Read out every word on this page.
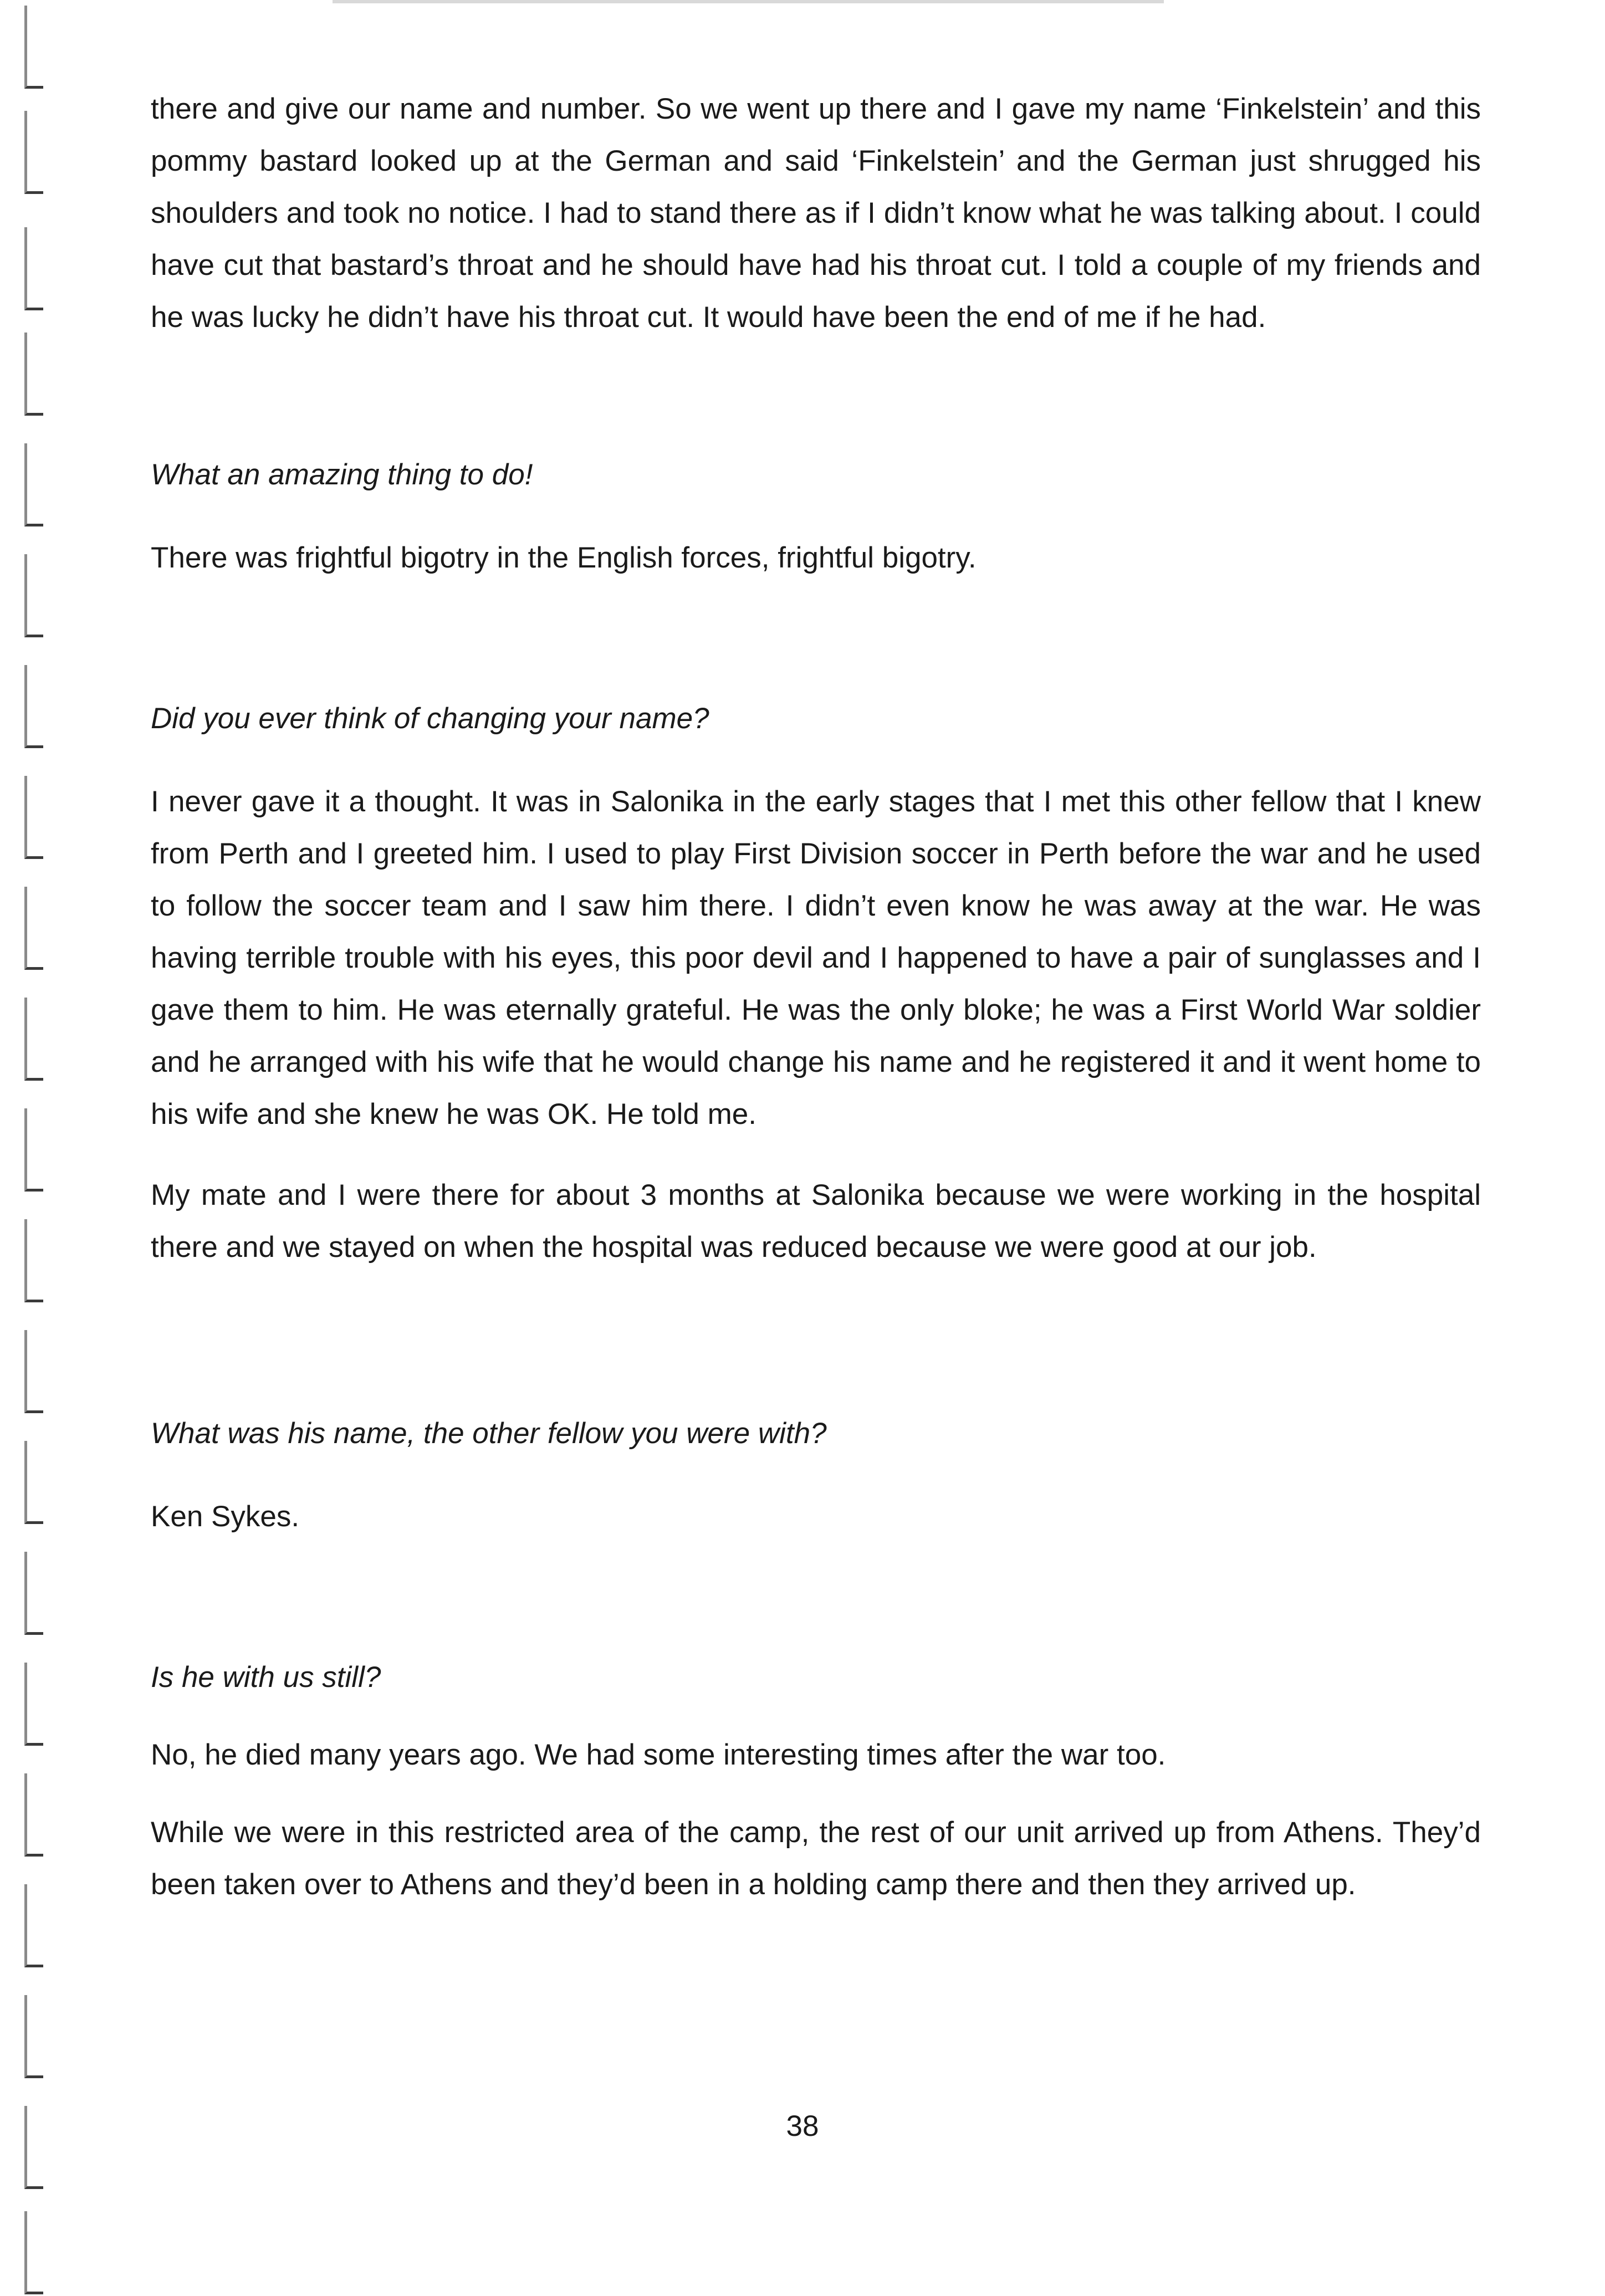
there and give our name and number. So we went up there and I gave my name ‘Finkelstein’ and this pommy bastard looked up at the German and said ‘Finkelstein’ and the German just shrugged his shoulders and took no notice. I had to stand there as if I didn’t know what he was talking about. I could have cut that bastard’s throat and he should have had his throat cut. I told a couple of my friends and he was lucky he didn’t have his throat cut. It would have been the end of me if he had.

What an amazing thing to do!

There was frightful bigotry in the English forces, frightful bigotry.

Did you ever think of changing your name?

I never gave it a thought. It was in Salonika in the early stages that I met this other fellow that I knew from Perth and I greeted him. I used to play First Division soccer in Perth before the war and he used to follow the soccer team and I saw him there. I didn’t even know he was away at the war. He was having terrible trouble with his eyes, this poor devil and I happened to have a pair of sunglasses and I gave them to him. He was eternally grateful. He was the only bloke; he was a First World War soldier and he arranged with his wife that he would change his name and he registered it and it went home to his wife and she knew he was OK. He told me.

My mate and I were there for about 3 months at Salonika because we were working in the hospital there and we stayed on when the hospital was reduced because we were good at our job.

What was his name, the other fellow you were with?

Ken Sykes.

Is he with us still?

No, he died many years ago. We had some interesting times after the war too.

While we were in this restricted area of the camp, the rest of our unit arrived up from Athens. They’d been taken over to Athens and they’d been in a holding camp there and then they arrived up.

38
